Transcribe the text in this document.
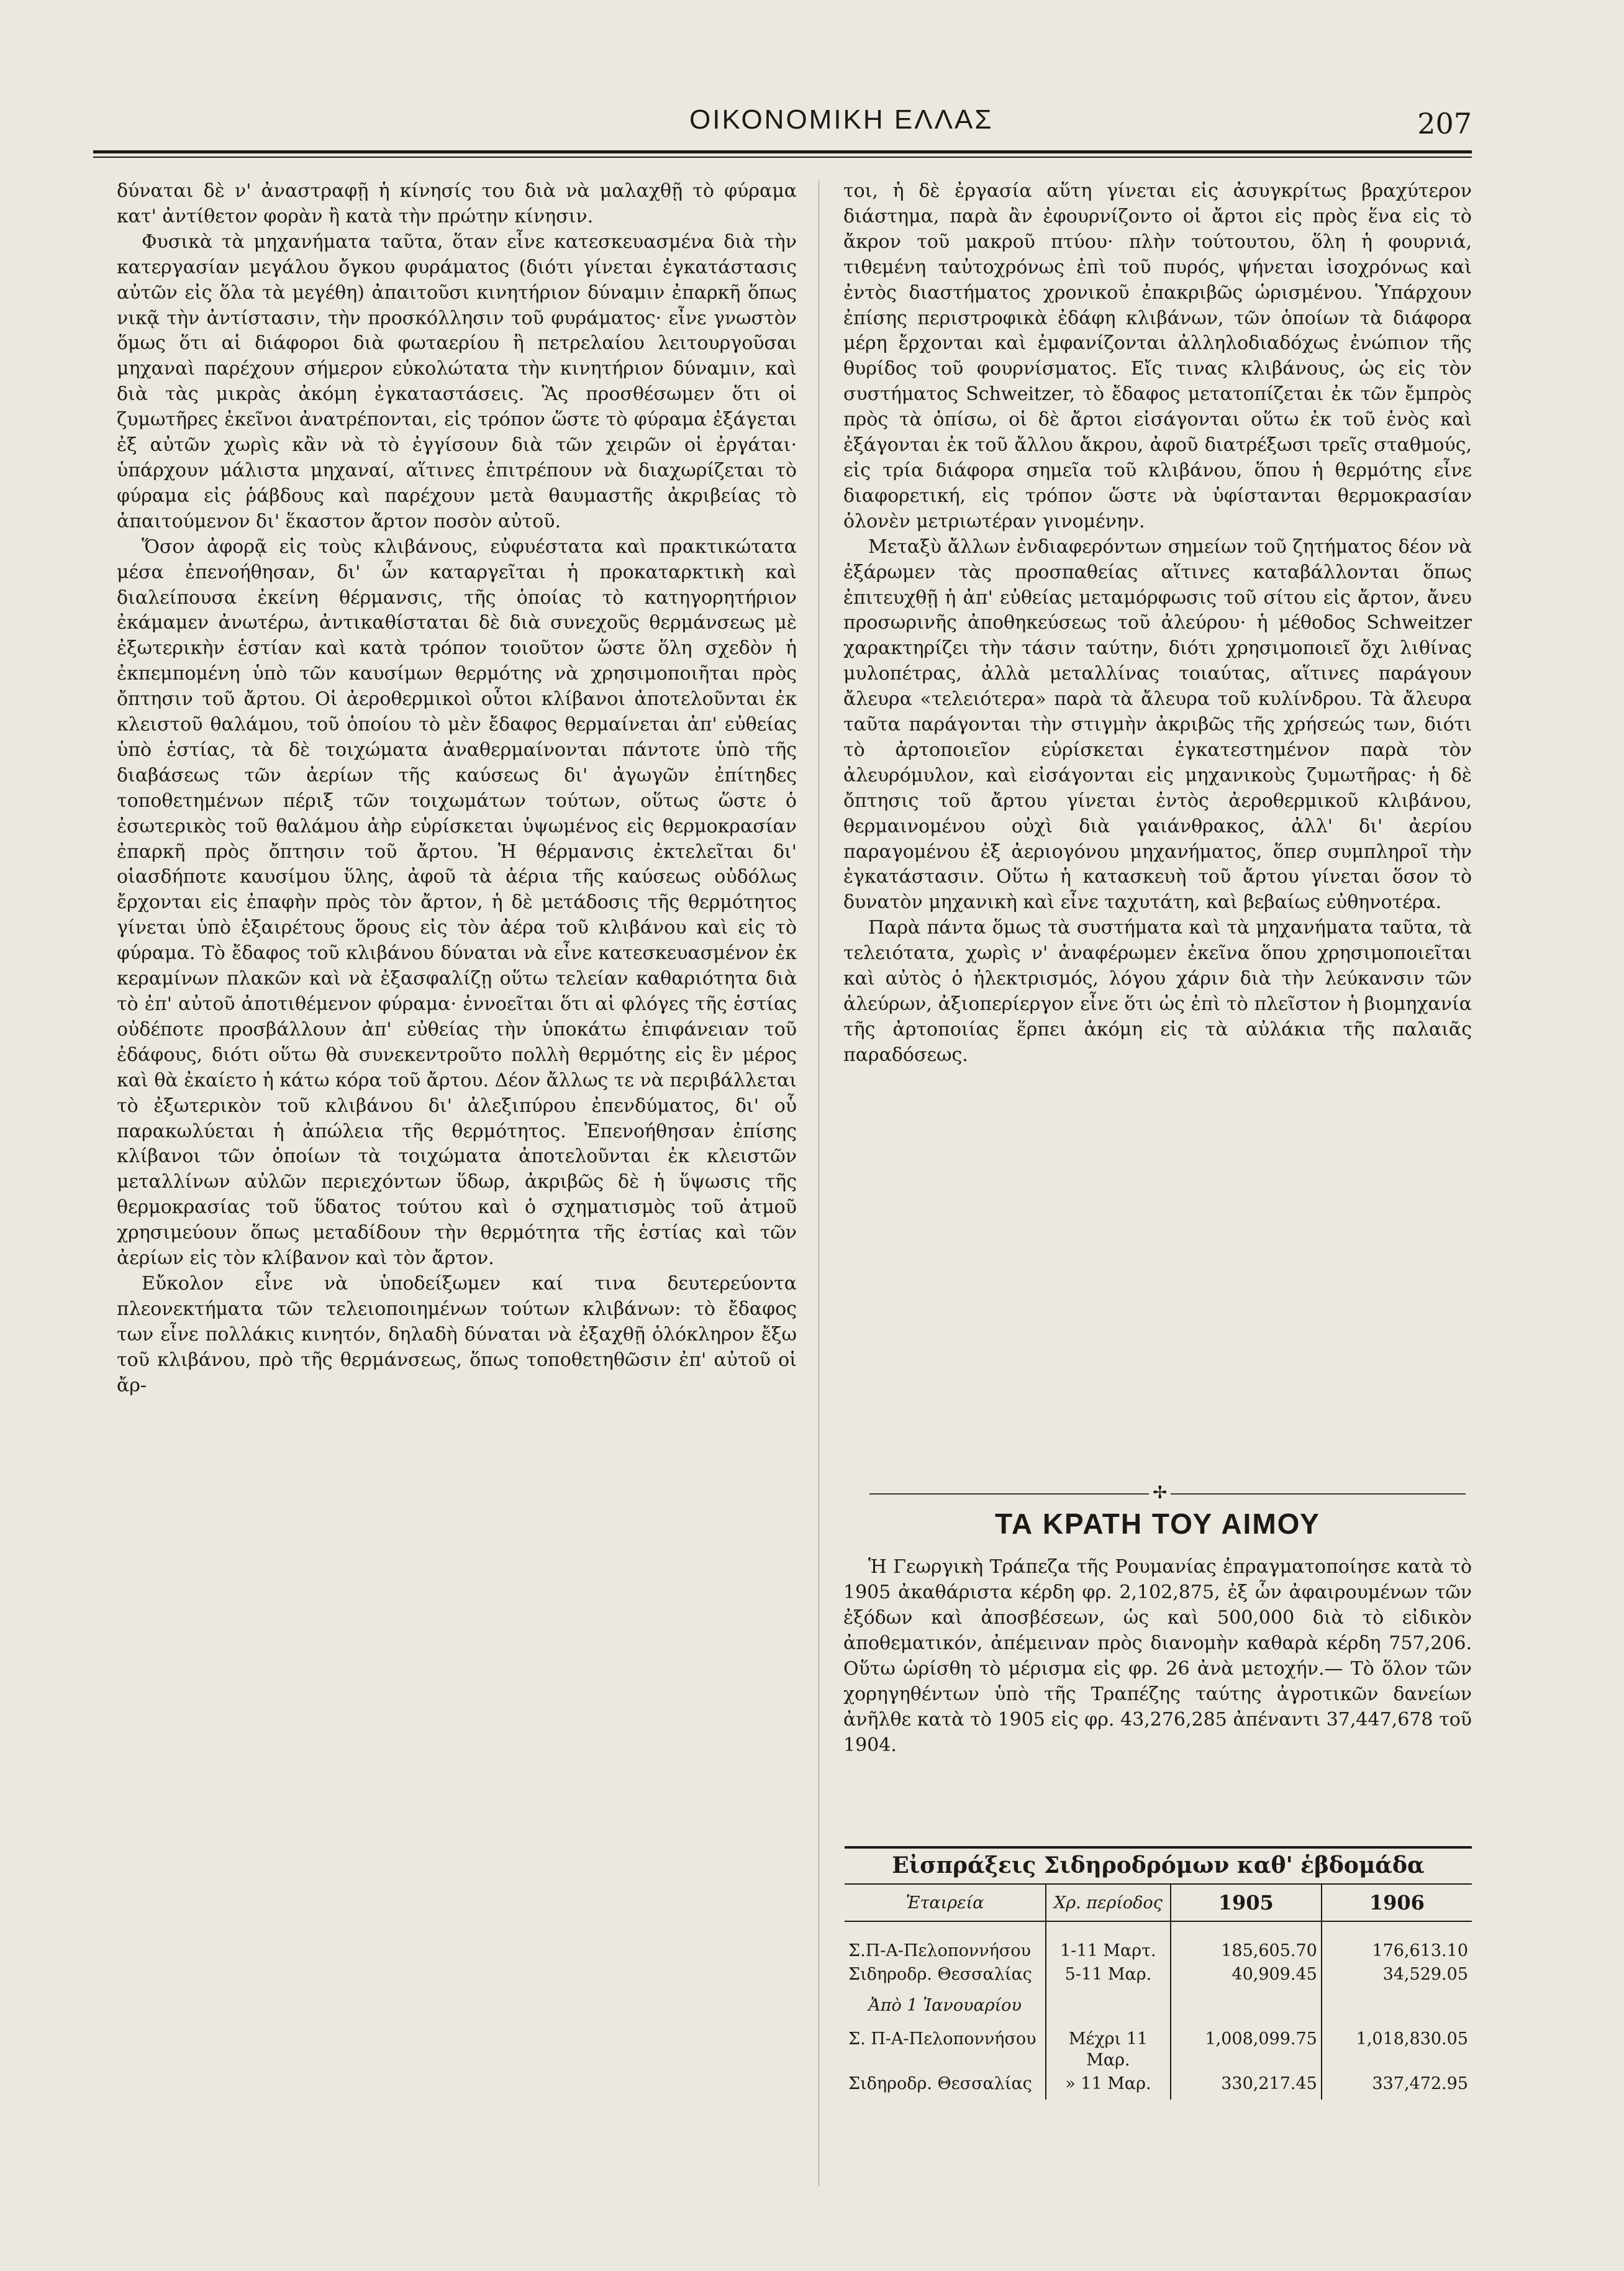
ΟΙΚΟΝΟΜΙΚΗ ΕΛΛΑΣ	207

δύναται δὲ ν' ἀναστραφῇ ἡ κίνησίς του διὰ νὰ μαλαχθῇ τὸ φύραμα κατ' ἀντίθετον φορὰν ἢ κατὰ τὴν πρώτην κίνησιν.

Φυσικὰ τὰ μηχανήματα ταῦτα, ὅταν εἶνε κατεσκευασμένα διὰ τὴν κατεργασίαν μεγάλου ὄγκου φυράματος (διότι γίνεται ἐγκατάστασις αὐτῶν εἰς ὅλα τὰ μεγέθη) ἀπαιτοῦσι κινητήριον δύναμιν ἐπαρκῆ ὅπως νικᾷ τὴν ἀντίστασιν, τὴν προσκόλλησιν τοῦ φυράματος· εἶνε γνωστὸν ὅμως ὅτι αἱ διάφοροι διὰ φωταερίου ἢ πετρελαίου λειτουργοῦσαι μηχαναὶ παρέχουν σήμερον εὐκολώτατα τὴν κινητήριον δύναμιν, καὶ διὰ τὰς μικρὰς ἀκόμη ἐγκαταστάσεις. Ἂς προσθέσωμεν ὅτι οἱ ζυμωτῆρες ἐκεῖνοι ἀνατρέπονται, εἰς τρόπον ὥστε τὸ φύραμα ἐξάγεται ἐξ αὐτῶν χωρὶς κἂν νὰ τὸ ἐγγίσουν διὰ τῶν χειρῶν οἱ ἐργάται· ὑπάρχουν μάλιστα μηχαναί, αἵτινες ἐπιτρέπουν νὰ διαχωρίζεται τὸ φύραμα εἰς ῥάβδους καὶ παρέχουν μετὰ θαυμαστῆς ἀκριβείας τὸ ἀπαιτούμενον δι' ἕκαστον ἄρτον ποσὸν αὐτοῦ.

Ὅσον ἀφορᾷ εἰς τοὺς κλιβάνους, εὐφυέστατα καὶ πρακτικώτατα μέσα ἐπενοήθησαν, δι' ὧν καταργεῖται ἡ προκαταρκτικὴ καὶ διαλείπουσα ἐκείνη θέρμανσις, τῆς ὁποίας τὸ κατηγορητήριον ἐκάμαμεν ἀνωτέρω, ἀντικαθίσταται δὲ διὰ συνεχοῦς θερμάνσεως μὲ ἐξωτερικὴν ἑστίαν καὶ κατὰ τρόπον τοιοῦτον ὥστε ὅλη σχεδὸν ἡ ἐκπεμπομένη ὑπὸ τῶν καυσίμων θερμότης νὰ χρησιμοποιῆται πρὸς ὄπτησιν τοῦ ἄρτου. Οἱ ἀεροθερμικοὶ οὗτοι κλίβανοι ἀποτελοῦνται ἐκ κλειστοῦ θαλάμου, τοῦ ὁποίου τὸ μὲν ἔδαφος θερμαίνεται ἀπ' εὐθείας ὑπὸ ἑστίας, τὰ δὲ τοιχώματα ἀναθερμαίνονται πάντοτε ὑπὸ τῆς διαβάσεως τῶν ἀερίων τῆς καύσεως δι' ἀγωγῶν ἐπίτηδες τοποθετημένων πέριξ τῶν τοιχωμάτων τούτων, οὕτως ὥστε ὁ ἐσωτερικὸς τοῦ θαλάμου ἀὴρ εὑρίσκεται ὑψωμένος εἰς θερμοκρασίαν ἐπαρκῆ πρὸς ὄπτησιν τοῦ ἄρτου. Ἡ θέρμανσις ἐκτελεῖται δι' οἱασδήποτε καυσίμου ὕλης, ἀφοῦ τὰ ἀέρια τῆς καύσεως οὐδόλως ἔρχονται εἰς ἐπαφὴν πρὸς τὸν ἄρτον, ἡ δὲ μετάδοσις τῆς θερμότητος γίνεται ὑπὸ ἐξαιρέτους ὅρους εἰς τὸν ἀέρα τοῦ κλιβάνου καὶ εἰς τὸ φύραμα. Τὸ ἔδαφος τοῦ κλιβάνου δύναται νὰ εἶνε κατεσκευασμένον ἐκ κεραμίνων πλακῶν καὶ νὰ ἐξασφαλίζῃ οὕτω τελείαν καθαριότητα διὰ τὸ ἐπ' αὐτοῦ ἀποτιθέμενον φύραμα· ἐννοεῖται ὅτι αἱ φλόγες τῆς ἑστίας οὐδέποτε προσβάλλουν ἀπ' εὐθείας τὴν ὑποκάτω ἐπιφάνειαν τοῦ ἐδάφους, διότι οὕτω θὰ συνεκεντροῦτο πολλὴ θερμότης εἰς ἓν μέρος καὶ θὰ ἐκαίετο ἡ κάτω κόρα τοῦ ἄρτου. Δέον ἄλλως τε νὰ περιβάλλεται τὸ ἐξωτερικὸν τοῦ κλιβάνου δι' ἀλεξιπύρου ἐπενδύματος, δι' οὗ παρακωλύεται ἡ ἀπώλεια τῆς θερμότητος. Ἐπενοήθησαν ἐπίσης κλίβανοι τῶν ὁποίων τὰ τοιχώματα ἀποτελοῦνται ἐκ κλειστῶν μεταλλίνων αὐλῶν περιεχόντων ὕδωρ, ἀκριβῶς δὲ ἡ ὕψωσις τῆς θερμοκρασίας τοῦ ὕδατος τούτου καὶ ὁ σχηματισμὸς τοῦ ἀτμοῦ χρησιμεύουν ὅπως μεταδίδουν τὴν θερμότητα τῆς ἑστίας καὶ τῶν ἀερίων εἰς τὸν κλίβανον καὶ τὸν ἄρτον.

Εὔκολον εἶνε νὰ ὑποδείξωμεν καί τινα δευτερεύοντα πλεονεκτήματα τῶν τελειοποιημένων τούτων κλιβάνων: τὸ ἔδαφος των εἶνε πολλάκις κινητόν, δηλαδὴ δύναται νὰ ἐξαχθῇ ὁλόκληρον ἔξω τοῦ κλιβάνου, πρὸ τῆς θερμάνσεως, ὅπως τοποθετηθῶσιν ἐπ' αὐτοῦ οἱ ἄρ-

τοι, ἡ δὲ ἐργασία αὕτη γίνεται εἰς ἀσυγκρίτως βραχύτερον διάστημα, παρὰ ἂν ἐφουρνίζοντο οἱ ἄρτοι εἰς πρὸς ἕνα εἰς τὸ ἄκρον τοῦ μακροῦ πτύου· πλὴν τούτουτου, ὅλη ἡ φουρνιά, τιθεμένη ταὐτοχρόνως ἐπὶ τοῦ πυρός, ψήνεται ἰσοχρόνως καὶ ἐντὸς διαστήματος χρονικοῦ ἐπακριβῶς ὡρισμένου. Ὑπάρχουν ἐπίσης περιστροφικὰ ἐδάφη κλιβάνων, τῶν ὁποίων τὰ διάφορα μέρη ἔρχονται καὶ ἐμφανίζονται ἀλληλοδιαδόχως ἐνώπιον τῆς θυρίδος τοῦ φουρνίσματος. Εἴς τινας κλιβάνους, ὡς εἰς τὸν συστήματος Schweitzer, τὸ ἔδαφος μετατοπίζεται ἐκ τῶν ἔμπρὸς πρὸς τὰ ὀπίσω, οἱ δὲ ἄρτοι εἰσάγονται οὕτω ἐκ τοῦ ἑνὸς καὶ ἐξάγονται ἐκ τοῦ ἄλλου ἄκρου, ἀφοῦ διατρέξωσι τρεῖς σταθμούς, εἰς τρία διάφορα σημεῖα τοῦ κλιβάνου, ὅπου ἡ θερμότης εἶνε διαφορετική, εἰς τρόπον ὥστε νὰ ὑφίστανται θερμοκρασίαν ὁλονὲν μετριωτέραν γινομένην.

Μεταξὺ ἄλλων ἐνδιαφερόντων σημείων τοῦ ζητήματος δέον νὰ ἐξάρωμεν τὰς προσπαθείας αἵτινες καταβάλλονται ὅπως ἐπιτευχθῇ ἡ ἀπ' εὐθείας μεταμόρφωσις τοῦ σίτου εἰς ἄρτον, ἄνευ προσωρινῆς ἀποθηκεύσεως τοῦ ἀλεύρου· ἡ μέθοδος Schweitzer χαρακτηρίζει τὴν τάσιν ταύτην, διότι χρησιμοποιεῖ ὄχι λιθίνας μυλοπέτρας, ἀλλὰ μεταλλίνας τοιαύτας, αἵτινες παράγουν ἄλευρα «τελειότερα» παρὰ τὰ ἄλευρα τοῦ κυλίνδρου. Τὰ ἄλευρα ταῦτα παράγονται τὴν στιγμὴν ἀκριβῶς τῆς χρήσεώς των, διότι τὸ ἀρτοποιεῖον εὑρίσκεται ἐγκατεστημένον παρὰ τὸν ἀλευρόμυλον, καὶ εἰσάγονται εἰς μηχανικοὺς ζυμωτῆρας· ἡ δὲ ὄπτησις τοῦ ἄρτου γίνεται ἐντὸς ἀεροθερμικοῦ κλιβάνου, θερμαινομένου οὐχὶ διὰ γαιάνθρακος, ἀλλ' δι' ἀερίου παραγομένου ἐξ ἀεριογόνου μηχανήματος, ὅπερ συμπληροῖ τὴν ἐγκατάστασιν. Οὕτω ἡ κατασκευὴ τοῦ ἄρτου γίνεται ὅσον τὸ δυνατὸν μηχανικὴ καὶ εἶνε ταχυτάτη, καὶ βεβαίως εὐθηνοτέρα.

Παρὰ πάντα ὅμως τὰ συστήματα καὶ τὰ μηχανήματα ταῦτα, τὰ τελειότατα, χωρὶς ν' ἀναφέρωμεν ἐκεῖνα ὅπου χρησιμοποιεῖται καὶ αὐτὸς ὁ ἠλεκτρισμός, λόγου χάριν διὰ τὴν λεύκανσιν τῶν ἀλεύρων, ἀξιοπερίεργον εἶνε ὅτι ὡς ἐπὶ τὸ πλεῖστον ἡ βιομηχανία τῆς ἀρτοποιίας ἕρπει ἀκόμη εἰς τὰ αὐλάκια τῆς παλαιᾶς παραδόσεως.

✢
ΤΑ ΚΡΑΤΗ ΤΟΥ ΑΙΜΟΥ

Ἡ Γεωργικὴ Τράπεζα τῆς Ρουμανίας ἐπραγματοποίησε κατὰ τὸ 1905 ἀκαθάριστα κέρδη φρ. 2,102,875, ἐξ ὧν ἀφαιρουμένων τῶν ἐξόδων καὶ ἀποσβέσεων, ὡς καὶ 500,000 διὰ τὸ εἰδικὸν ἀποθεματικόν, ἀπέμειναν πρὸς διανομὴν καθαρὰ κέρδη 757,206. Οὕτω ὡρίσθη τὸ μέρισμα εἰς φρ. 26 ἀνὰ μετοχήν.— Τὸ ὅλον τῶν χορηγηθέντων ὑπὸ τῆς Τραπέζης ταύτης ἀγροτικῶν δανείων ἀνῆλθε κατὰ τὸ 1905 εἰς φρ. 43,276,285 ἀπέναντι 37,447,678 τοῦ 1904.

Εἰσπράξεις Σιδηροδρόμων καθ' ἑβδομάδα
Ἑταιρεία	Χρ. περίοδος	1905	1906

Σ.Π-Α-Πελοποννήσου	1-11 Μαρτ.	185,605.70	176,613.10
Σιδηροδρ. Θεσσαλίας	5-11 Μαρ.	40,909.45	34,529.05
Ἀπὸ 1 Ἰανουαρίου			
Σ. Π-Α-Πελοποννήσου	Μέχρι 11 Μαρ.	1,008,099.75	1,018,830.05
Σιδηροδρ. Θεσσαλίας	» 11 Μαρ.	330,217.45	337,472.95
